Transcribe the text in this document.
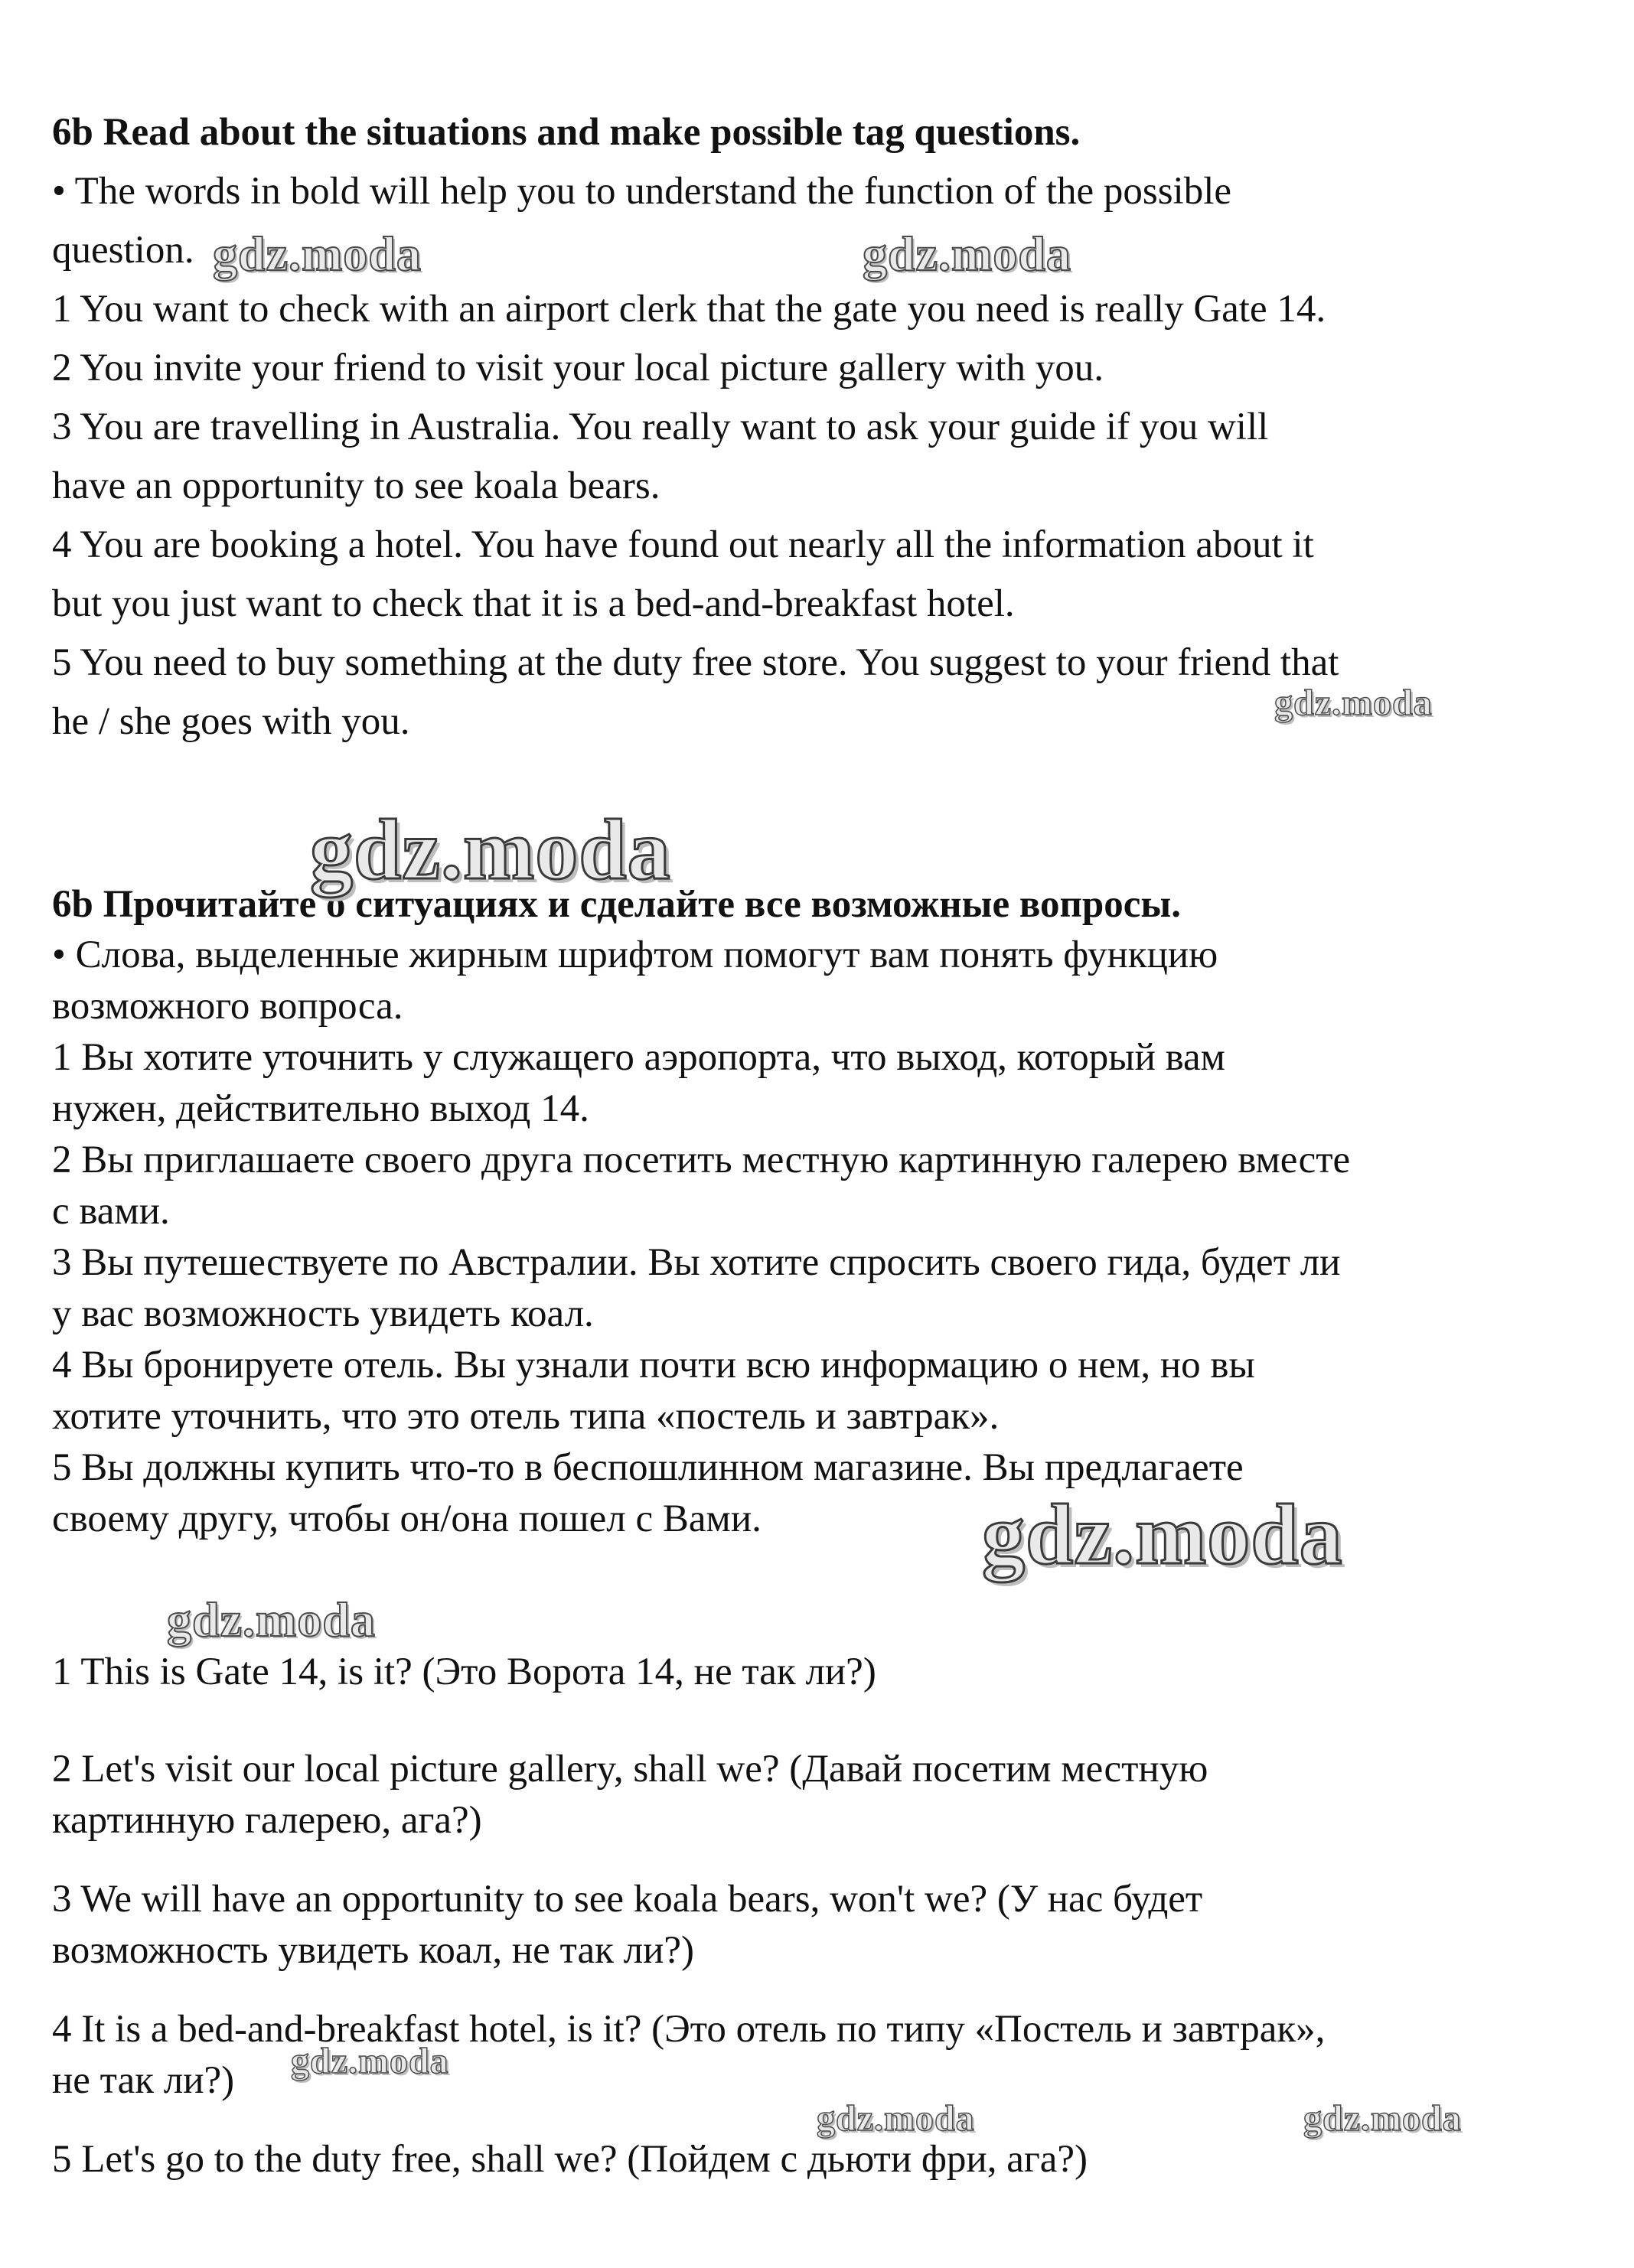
6b Read about the situations and make possible tag questions.

• The words in bold will help you to understand the function of the possible

question.

1 You want to check with an airport clerk that the gate you need is really Gate 14.

2 You invite your friend to visit your local picture gallery with you.

3 You are travelling in Australia. You really want to ask your guide if you will

have an opportunity to see koala bears.

4 You are booking a hotel. You have found out nearly all the information about it

but you just want to check that it is a bed-and-breakfast hotel.

5 You need to buy something at the duty free store. You suggest to your friend that

he / she goes with you.

6b Прочитайте о ситуациях и сделайте все возможные вопросы.

• Слова, выделенные жирным шрифтом помогут вам понять функцию

возможного вопроса.

1 Вы хотите уточнить у служащего аэропорта, что выход, который вам

нужен, действительно выход 14.

2 Вы приглашаете своего друга посетить местную картинную галерею вместе

с вами.

3 Вы путешествуете по Австралии. Вы хотите спросить своего гида, будет ли

у вас возможность увидеть коал.

4 Вы бронируете отель. Вы узнали почти всю информацию о нем, но вы

хотите уточнить, что это отель типа «постель и завтрак».

5 Вы должны купить что-то в беспошлинном магазине. Вы предлагаете

своему другу, чтобы он/она пошел с Вами.

1 This is Gate 14, is it? (Это Ворота 14, не так ли?)

2 Let's visit our local picture gallery, shall we? (Давай посетим местную

картинную галерею, ага?)

3 We will have an opportunity to see koala bears, won't we? (У нас будет

возможность увидеть коал, не так ли?)

4 It is a bed-and-breakfast hotel, is it? (Это отель по типу «Постель и завтрак»,

не так ли?)

5 Let's go to the duty free, shall we? (Пойдем с дьюти фри, ага?)

gdz.moda	gdz.moda
gdz.moda
gdz.moda
gdz.moda
gdz.moda
gdz.moda
gdz.moda	gdz.moda
